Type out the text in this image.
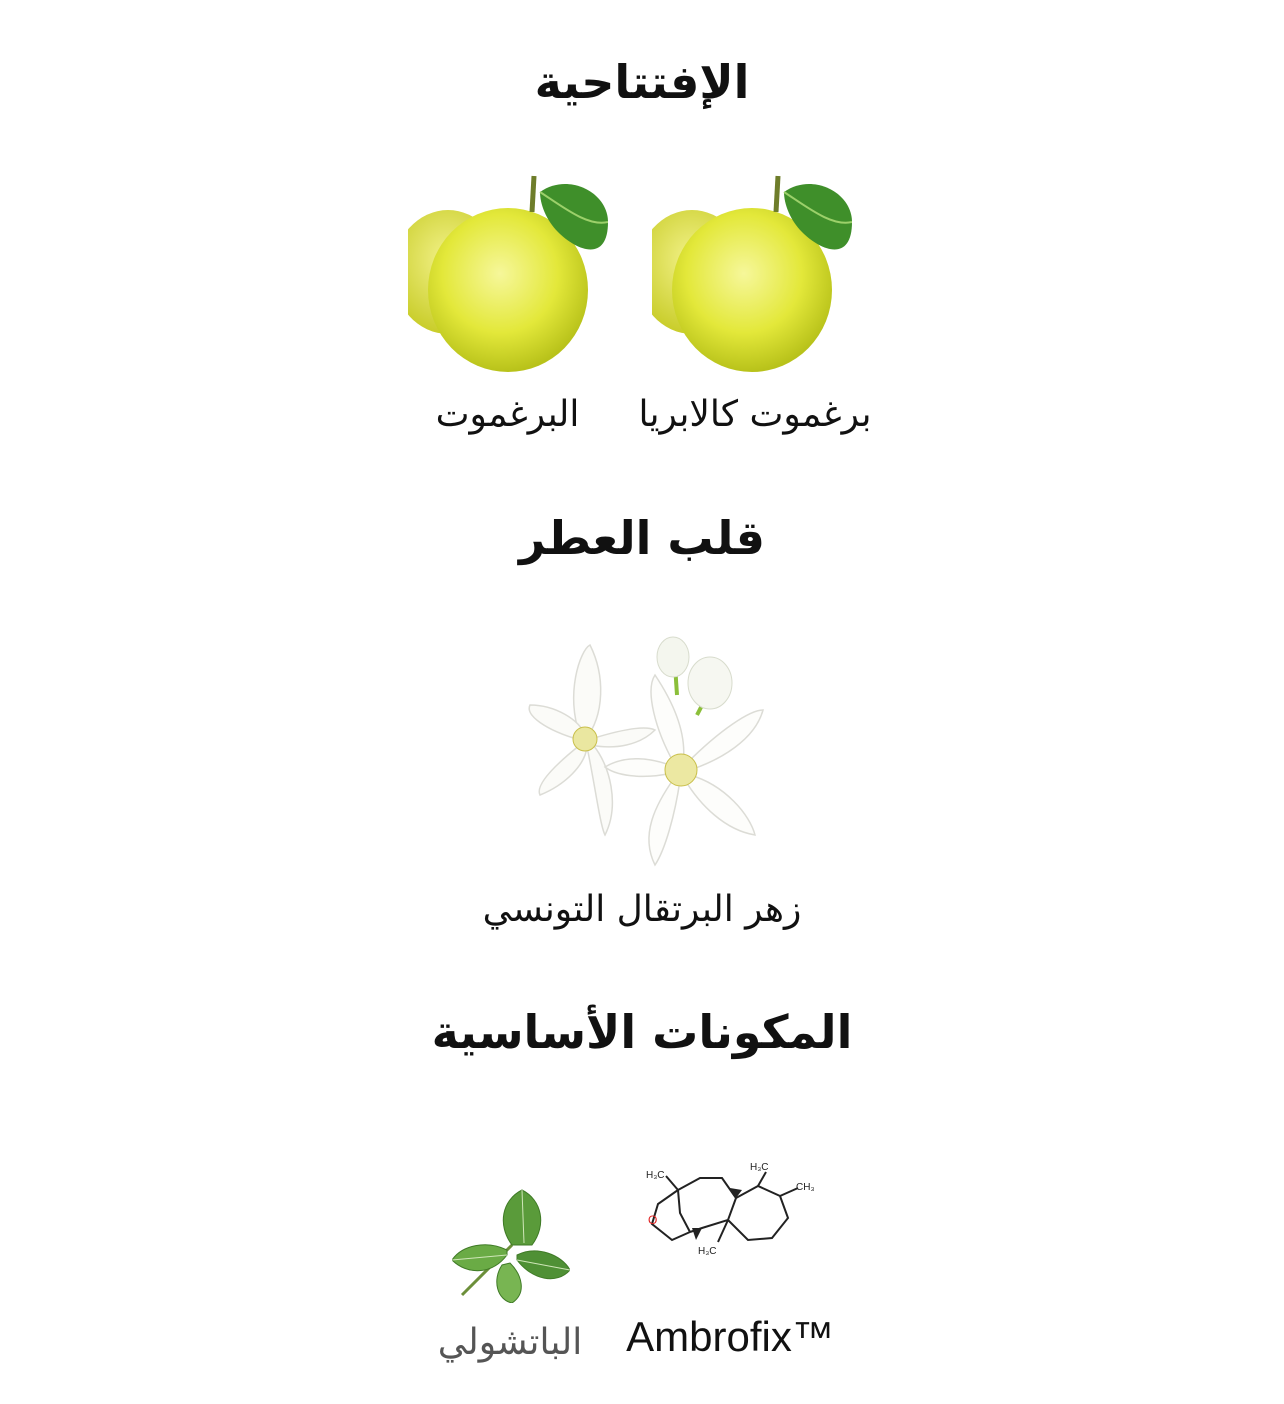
الإفتتاحية
برغموت كالابريا
البرغموت
قلب العطر
زهر البرتقال التونسي
المكونات الأساسية
O
H₃C
H₃C
CH₃
H₃C
Ambrofix™
الباتشولي
